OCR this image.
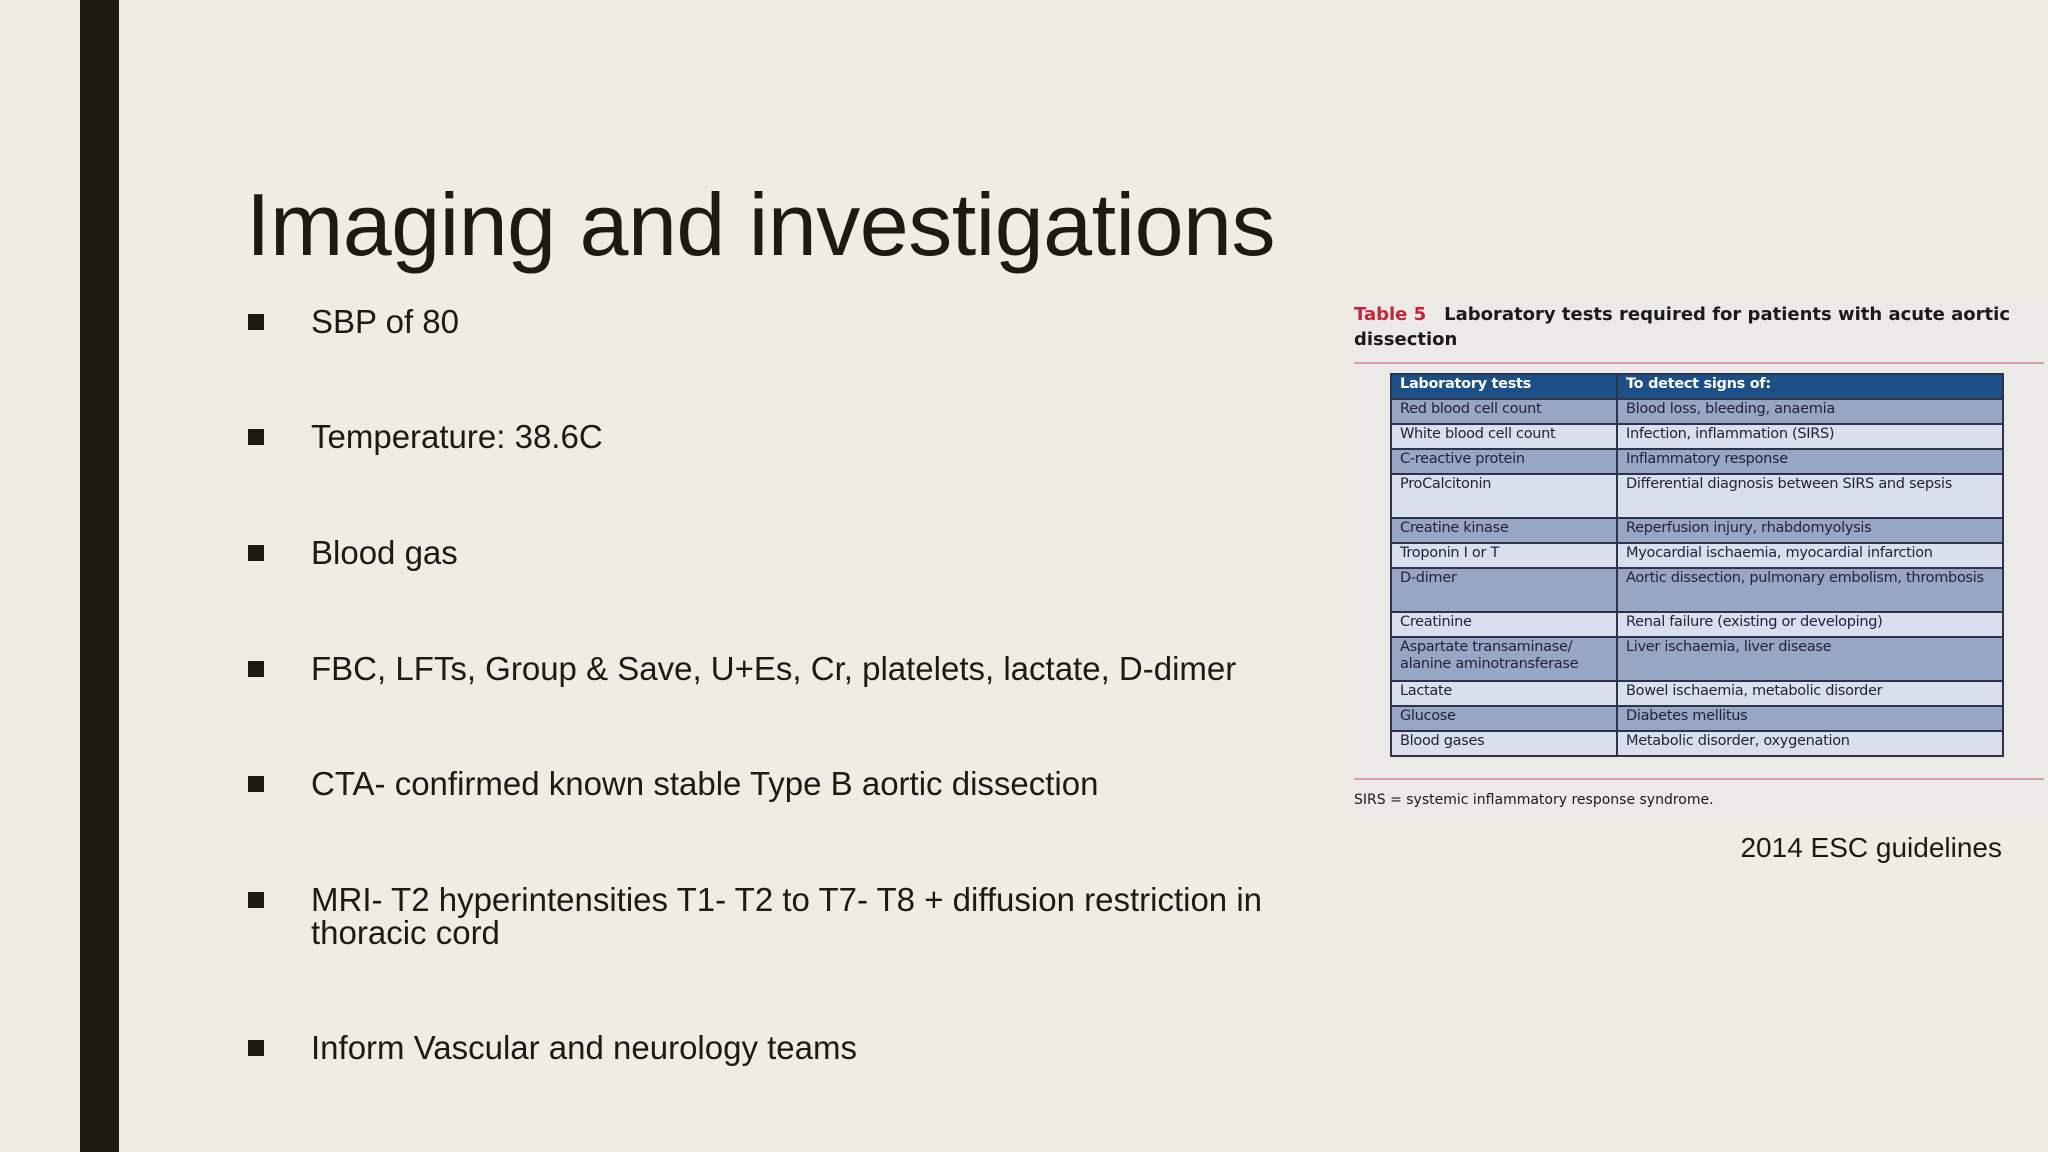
Imaging and investigations
SBP of 80
Temperature: 38.6C
Blood gas
FBC, LFTs, Group & Save, U+Es, Cr, platelets, lactate, D-dimer
CTA- confirmed known stable Type B aortic dissection
MRI- T2 hyperintensities T1- T2 to T7- T8 + diffusion restriction in thoracic cord
Inform Vascular and neurology teams
Table 5 Laboratory tests required for patients with acute aortic dissection
Laboratory tests	To detect signs of:
Red blood cell count	Blood loss, bleeding, anaemia
White blood cell count	Infection, inflammation (SIRS)
C-reactive protein	Inflammatory response
ProCalcitonin	Differential diagnosis between SIRS and sepsis
Creatine kinase	Reperfusion injury, rhabdomyolysis
Troponin I or T	Myocardial ischaemia, myocardial infarction
D-dimer	Aortic dissection, pulmonary embolism, thrombosis
Creatinine	Renal failure (existing or developing)
Aspartate transaminase/ alanine aminotransferase	Liver ischaemia, liver disease
Lactate	Bowel ischaemia, metabolic disorder
Glucose	Diabetes mellitus
Blood gases	Metabolic disorder, oxygenation
SIRS = systemic inflammatory response syndrome.
2014 ESC guidelines
